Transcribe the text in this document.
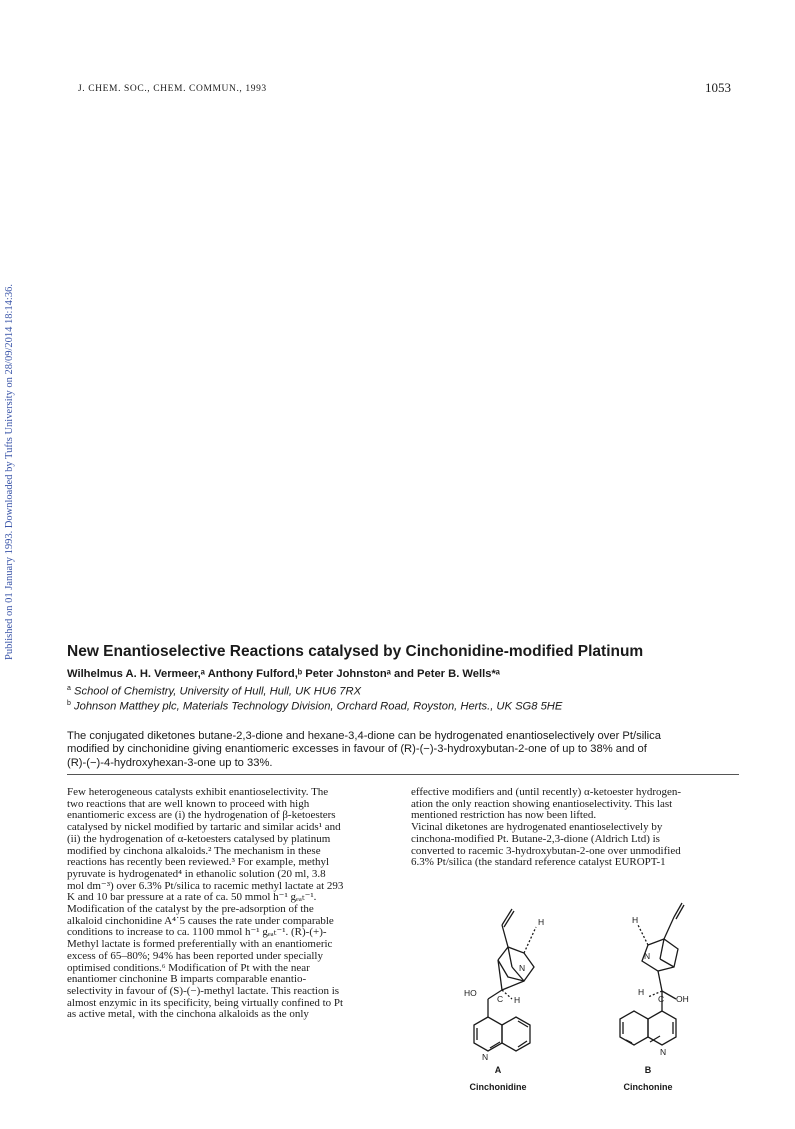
J. CHEM. SOC., CHEM. COMMUN., 1993	1053
Published on 01 January 1993. Downloaded by Tufts University on 28/09/2014 18:14:36.	New Enantioselective Reactions catalysed by Cinchonidine-modified Platinum
Wilhelmus A. H. Vermeer,ᵃ Anthony Fulford,ᵇ Peter Johnstonᵃ and Peter B. Wells*ᵃ
$^a$ School of Chemistry, University of Hull, Hull, UK HU6 7RX
$^b$ Johnson Matthey plc, Materials Technology Division, Orchard Road, Royston, Herts., UK SG8 5HE
The conjugated diketones butane-2,3-dione and hexane-3,4-dione can be hydrogenated enantioselectively over Pt/silica
modified by cinchonidine giving enantiomeric excesses in favour of (R)-(−)-3-hydroxybutan-2-one of up to 38% and of
(R)-(−)-4-hydroxyhexan-3-one up to 33%.
Few heterogeneous catalysts exhibit enantioselectivity. The
two reactions that are well known to proceed with high
enantiomeric excess are (i) the hydrogenation of β-ketoesters
catalysed by nickel modified by tartaric and similar acids¹ and
(ii) the hydrogenation of α-ketoesters catalysed by platinum
modified by cinchona alkaloids.² The mechanism in these
reactions has recently been reviewed.³ For example, methyl
pyruvate is hydrogenated⁴ in ethanolic solution (20 ml, 3.8
mol dm⁻³) over 6.3% Pt/silica to racemic methyl lactate at 293
K and 10 bar pressure at a rate of ca. 50 mmol h⁻¹ gₑₐₜ⁻¹.
Modification of the catalyst by the pre-adsorption of the
alkaloid cinchonidine A⁴˙5 causes the rate under comparable
conditions to increase to ca. 1100 mmol h⁻¹ gₑₐₜ⁻¹. (R)-(+)-
Methyl lactate is formed preferentially with an enantiomeric
excess of 65–80%; 94% has been reported under specially
optimised conditions.⁶ Modification of Pt with the near
enantiomer cinchonine B imparts comparable enantio-
selectivity in favour of (S)-(−)-methyl lactate. This reaction is
almost enzymic in its specificity, being virtually confined to Pt
as active metal, with the cinchona alkaloids as the only
effective modifiers and (until recently) α-ketoester hydrogen-
ation the only reaction showing enantioselectivity. This last
mentioned restriction has now been lifted.
Vicinal diketones are hydrogenated enantioselectively by
cinchona-modified Pt. Butane-2,3-dione (Aldrich Ltd) is
converted to racemic 3-hydroxybutan-2-one over unmodified
6.3% Pt/silica (the standard reference catalyst EUROPT-1
H
N
HO
C H
N
H
N
H
C OH
N
A
Cinchonidine
B
Cinchonine
